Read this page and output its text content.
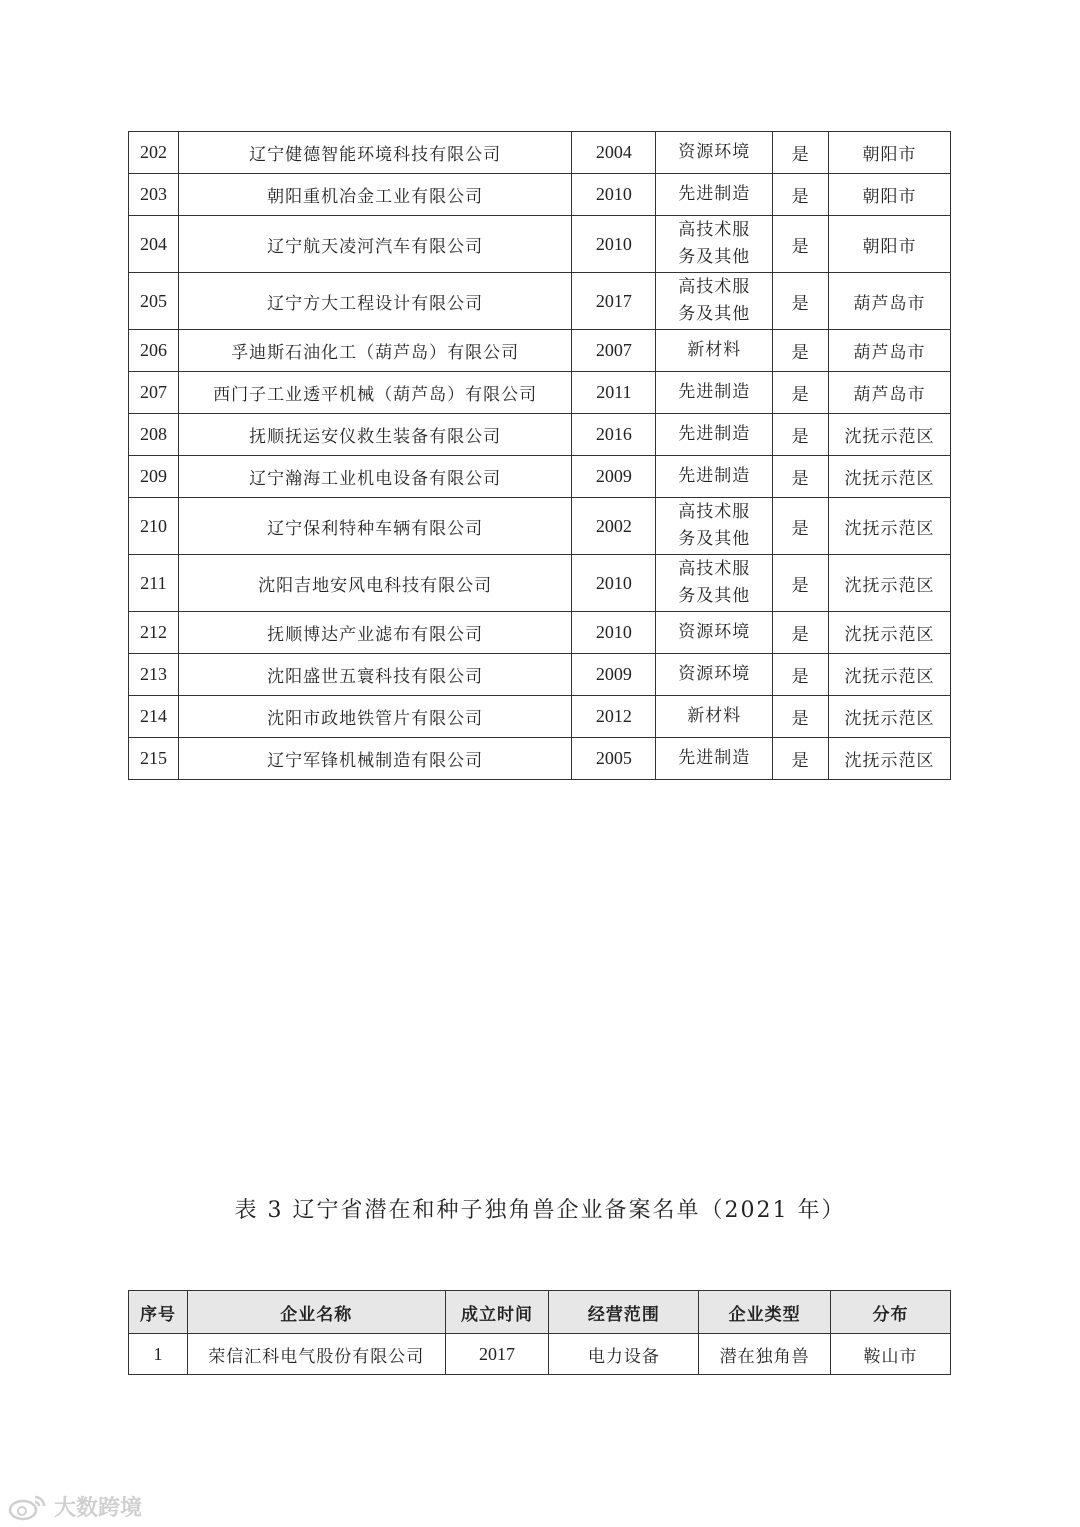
202	辽宁健德智能环境科技有限公司	2004	资源环境	是	朝阳市
203	朝阳重机冶金工业有限公司	2010	先进制造	是	朝阳市
204	辽宁航天凌河汽车有限公司	2010	高技术服
务及其他	是	朝阳市
205	辽宁方大工程设计有限公司	2017	高技术服
务及其他	是	葫芦岛市
206	孚迪斯石油化工（葫芦岛）有限公司	2007	新材料	是	葫芦岛市
207	西门子工业透平机械（葫芦岛）有限公司	2011	先进制造	是	葫芦岛市
208	抚顺抚运安仪救生装备有限公司	2016	先进制造	是	沈抚示范区
209	辽宁瀚海工业机电设备有限公司	2009	先进制造	是	沈抚示范区
210	辽宁保利特种车辆有限公司	2002	高技术服
务及其他	是	沈抚示范区
211	沈阳吉地安风电科技有限公司	2010	高技术服
务及其他	是	沈抚示范区
212	抚顺博达产业滤布有限公司	2010	资源环境	是	沈抚示范区
213	沈阳盛世五寰科技有限公司	2009	资源环境	是	沈抚示范区
214	沈阳市政地铁管片有限公司	2012	新材料	是	沈抚示范区
215	辽宁军锋机械制造有限公司	2005	先进制造	是	沈抚示范区
表 3 辽宁省潜在和种子独角兽企业备案名单（2021 年）
序号	企业名称	成立时间	经营范围	企业类型	分布
1	荣信汇科电气股份有限公司	2017	电力设备	潜在独角兽	鞍山市
大数跨境
